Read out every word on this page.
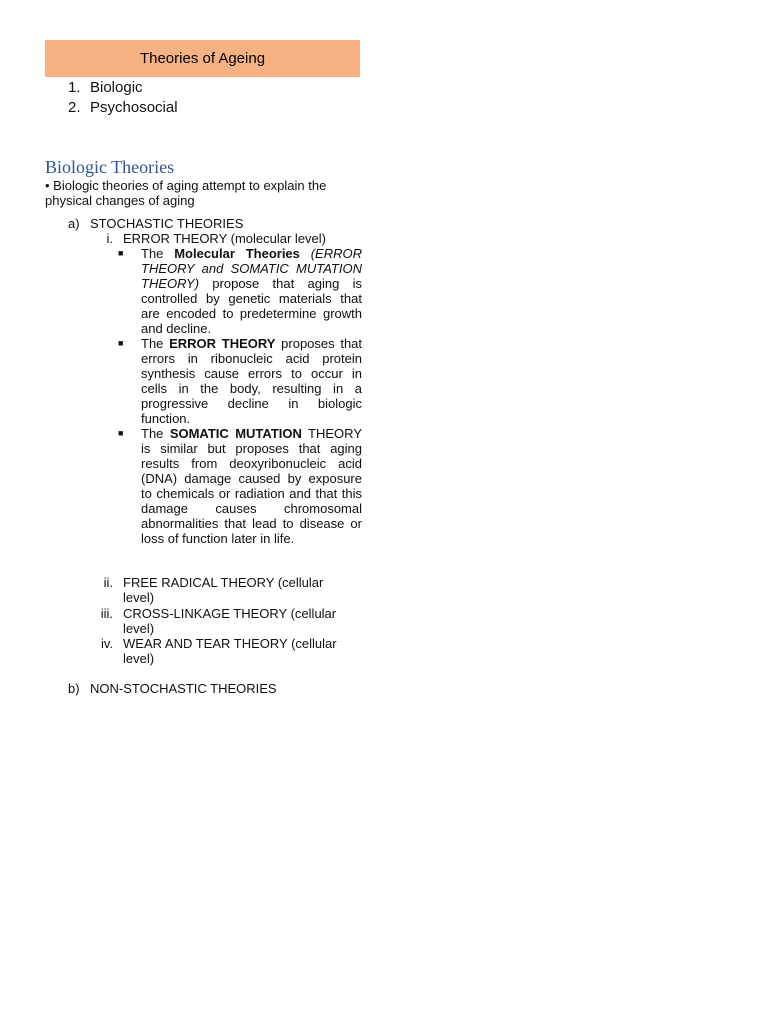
Theories of Ageing
1. Biologic
2. Psychosocial
Biologic Theories
• Biologic theories of aging attempt to explain the physical changes of aging
a) STOCHASTIC THEORIES
i. ERROR THEORY (molecular level)
■	The Molecular Theories (ERROR THEORY and SOMATIC MUTATION THEORY) propose that aging is controlled by genetic materials that are encoded to predetermine growth and decline.
■	The ERROR THEORY proposes that errors in ribonucleic acid protein synthesis cause errors to occur in cells in the body, resulting in a progressive decline in biologic function.
■	The SOMATIC MUTATION THEORY is similar but proposes that aging results from deoxyribonucleic acid (DNA) damage caused by exposure to chemicals or radiation and that this damage causes chromosomal abnormalities that lead to disease or loss of function later in life.
ii. FREE RADICAL THEORY (cellular level)
iii. CROSS-LINKAGE THEORY (cellular level)
iv. WEAR AND TEAR THEORY (cellular level)
b) NON-STOCHASTIC THEORIES
